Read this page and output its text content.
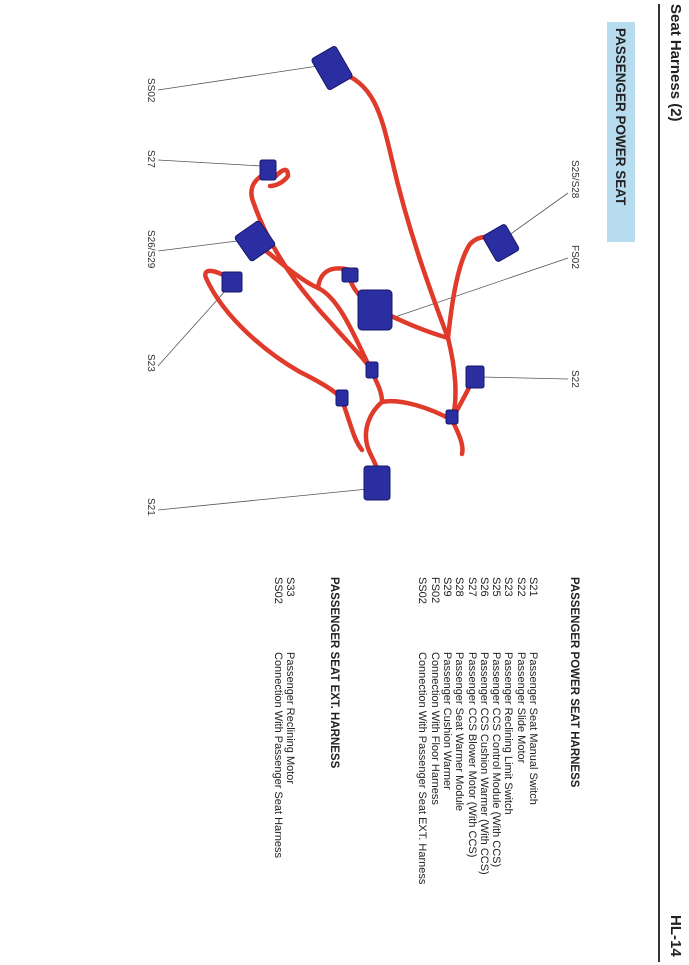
Seat Harness (2)
HL-14
PASSENGER POWER SEAT
SS02
S27
S26/S29
S23
S21
S25/S28
FS02
S22
PASSENGER POWER SEAT HARNESS
S21
S22
S23
S25
S26
S27
S28
S29
FS02
SS02
Passenger Seat Manual Switch
Passenger Slide Motor
Passenger Reclining Limit Switch
Passenger CCS Control Module (With CCS)
Passenger CCS Cushion Warmer (With CCS)
Passenger CCS Blower Motor (With CCS)
Passenger Seat Warmer Module
Passenger Cushion Warmer
Connection With Floor Harness
Connection With Passenger Seat EXT. Harness
PASSENGER SEAT EXT. HARNESS
S33
SS02
Passenger Reclining Motor
Connection With Passenger Seat Harness
